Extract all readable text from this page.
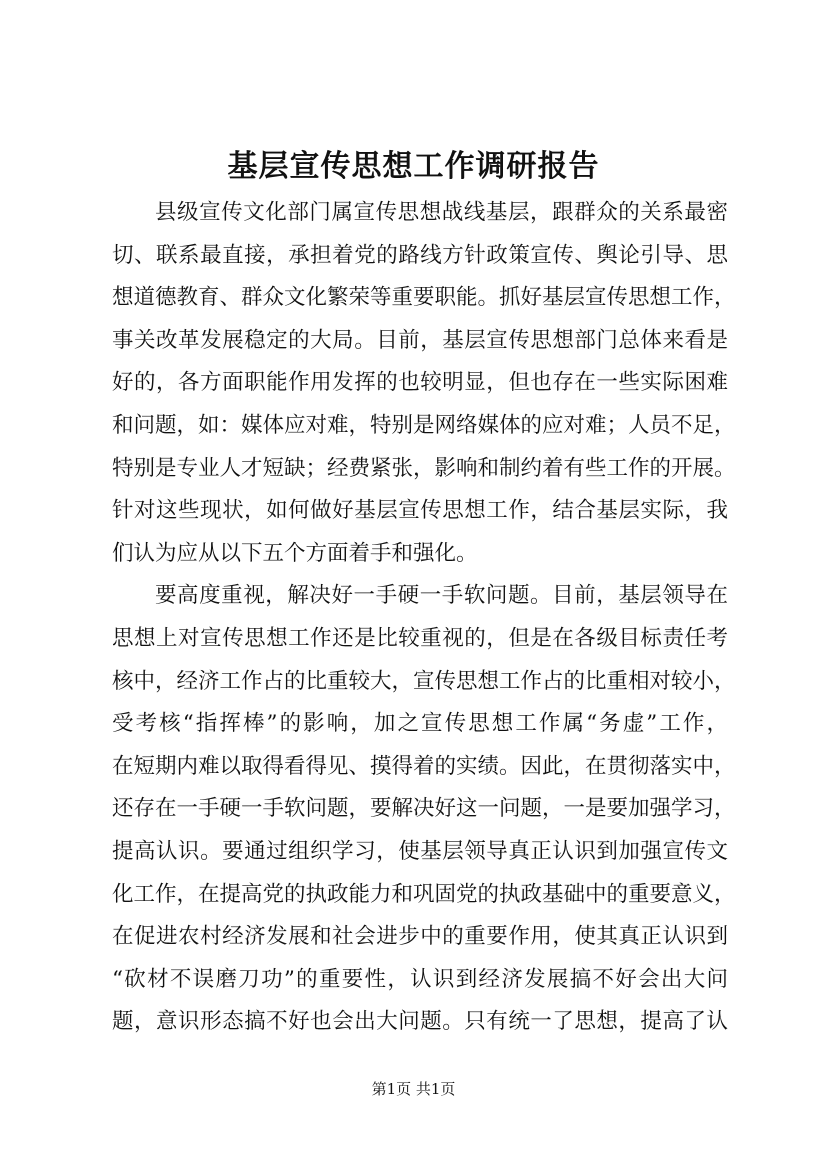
基层宣传思想工作调研报告
县级宣传文化部门属宣传思想战线基层，跟群众的关系最密
切、联系最直接，承担着党的路线方针政策宣传、舆论引导、思
想道德教育、群众文化繁荣等重要职能。抓好基层宣传思想工作，
事关改革发展稳定的大局。目前，基层宣传思想部门总体来看是
好的，各方面职能作用发挥的也较明显，但也存在一些实际困难
和问题，如：媒体应对难，特别是网络媒体的应对难；人员不足，
特别是专业人才短缺；经费紧张，影响和制约着有些工作的开展。
针对这些现状，如何做好基层宣传思想工作，结合基层实际，我
们认为应从以下五个方面着手和强化。
要高度重视，解决好一手硬一手软问题。目前，基层领导在
思想上对宣传思想工作还是比较重视的，但是在各级目标责任考
核中，经济工作占的比重较大，宣传思想工作占的比重相对较小，
受考核“指挥棒”的影响，加之宣传思想工作属“务虚”工作，
在短期内难以取得看得见、摸得着的实绩。因此，在贯彻落实中，
还存在一手硬一手软问题，要解决好这一问题，一是要加强学习，
提高认识。要通过组织学习，使基层领导真正认识到加强宣传文
化工作，在提高党的执政能力和巩固党的执政基础中的重要意义，
在促进农村经济发展和社会进步中的重要作用，使其真正认识到
“砍材不误磨刀功”的重要性，认识到经济发展搞不好会出大问
题，意识形态搞不好也会出大问题。只有统一了思想，提高了认
第1页 共1页
